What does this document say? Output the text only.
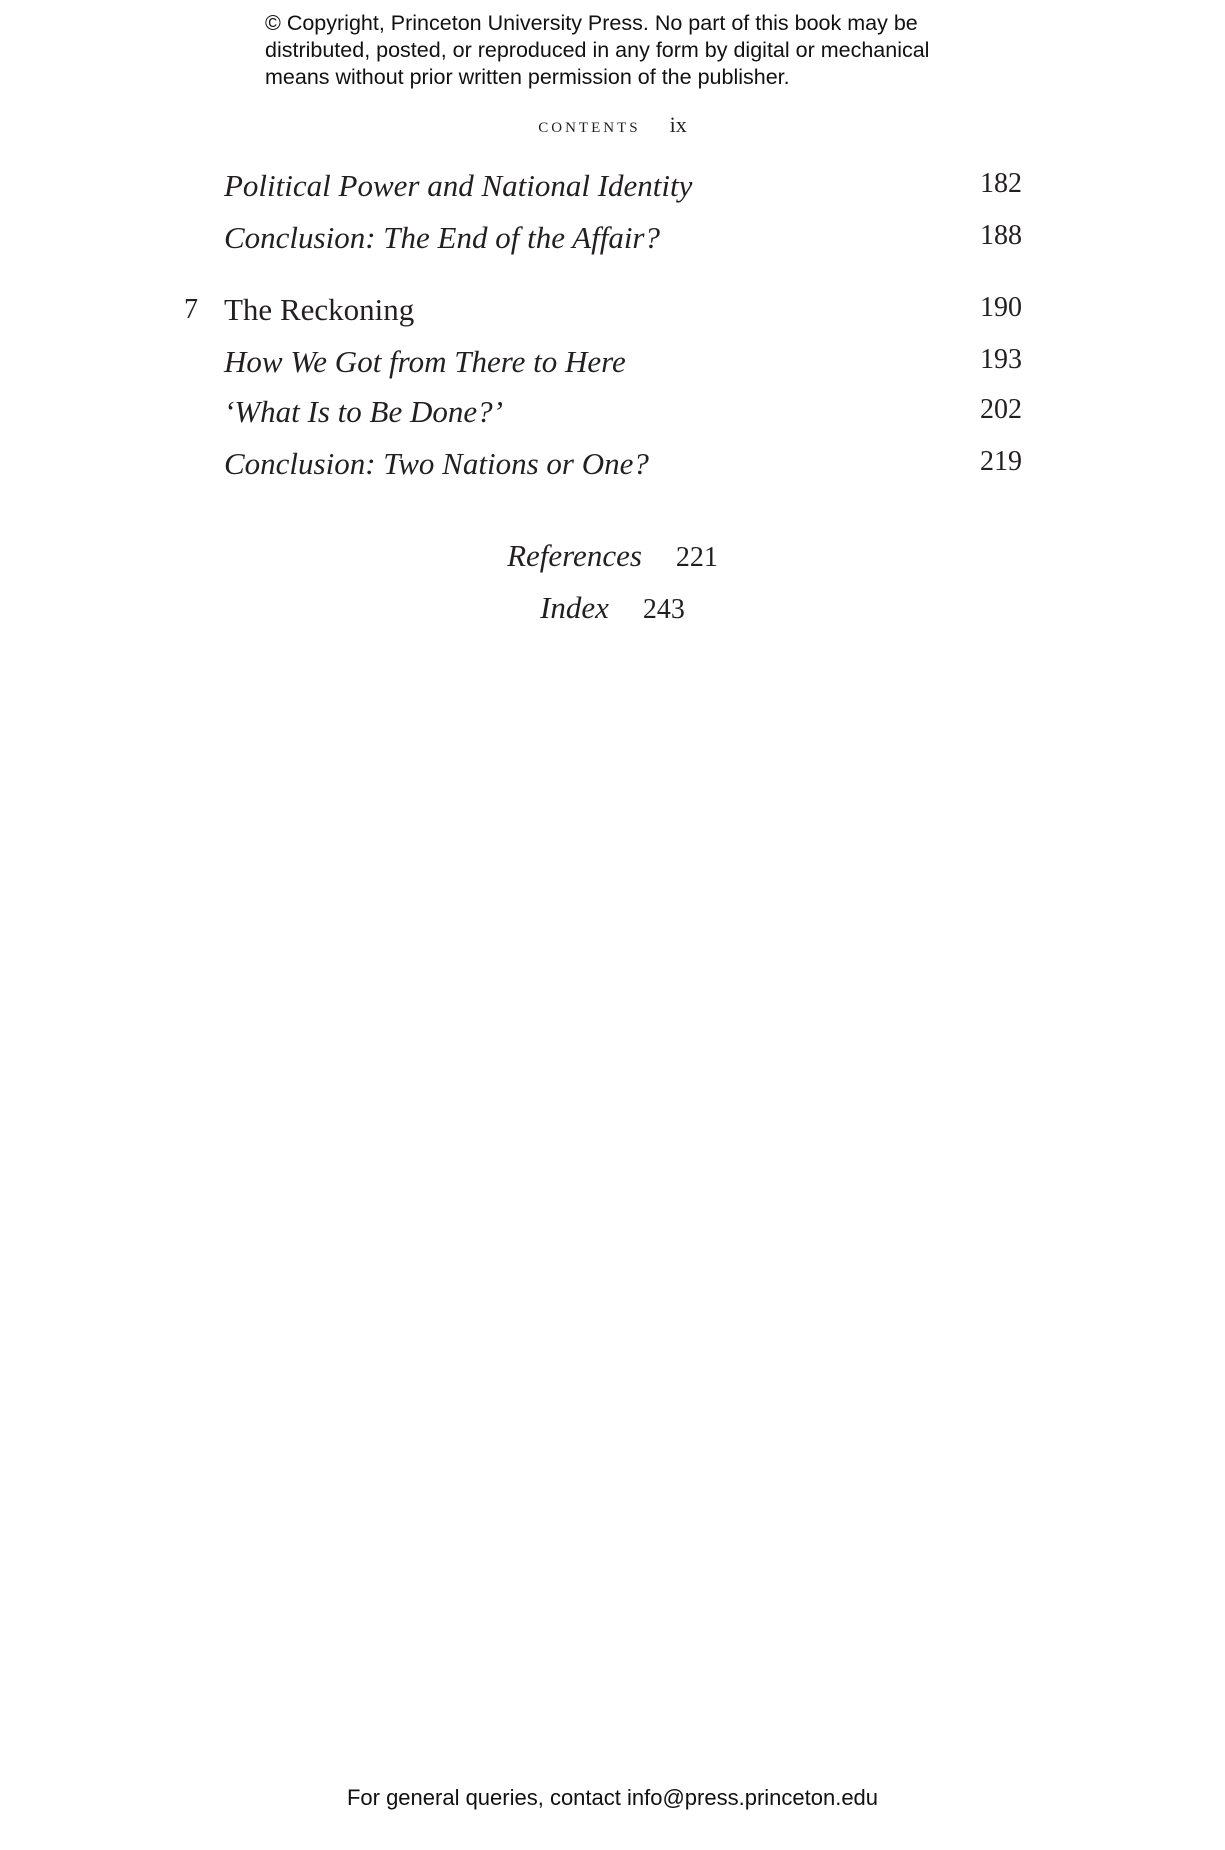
© Copyright, Princeton University Press. No part of this book may be
distributed, posted, or reproduced in any form by digital or mechanical
means without prior written permission of the publisher.
contents ix
Political Power and National Identity	182
Conclusion: The End of the Affair?	188
7 The Reckoning	190
How We Got from There to Here	193
‘What Is to Be Done?’	202
Conclusion: Two Nations or One?	219
References 221
Index 243
For general queries, contact info@press.princeton.edu
